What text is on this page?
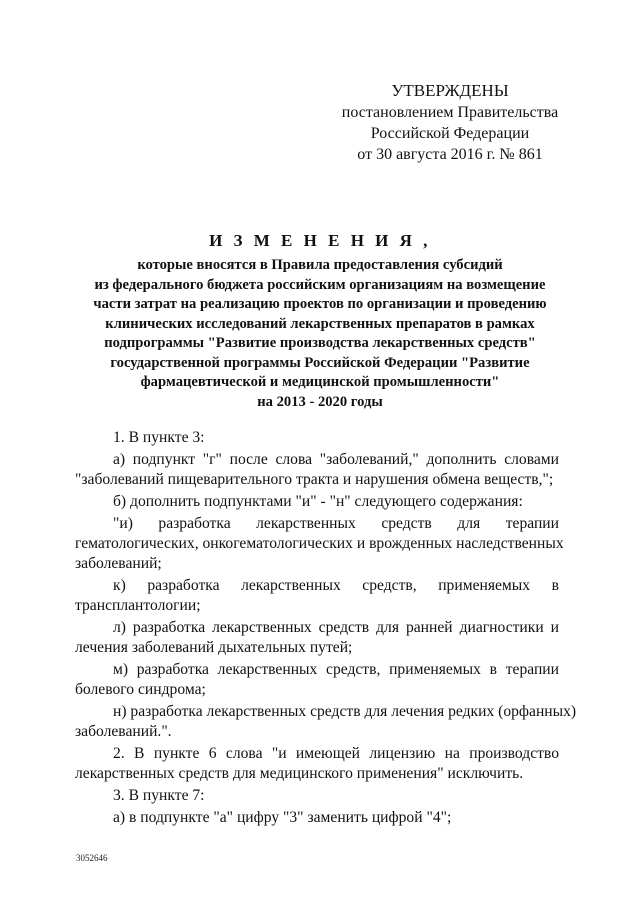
УТВЕРЖДЕНЫ
постановлением Правительства
Российской Федерации
от 30 августа 2016 г. № 861
И З М Е Н Е Н И Я ,
которые вносятся в Правила предоставления субсидий
из федерального бюджета российским организациям на возмещение
части затрат на реализацию проектов по организации и проведению
клинических исследований лекарственных препаратов в рамках
подпрограммы "Развитие производства лекарственных средств"
государственной программы Российской Федерации "Развитие
фармацевтической и медицинской промышленности"
на 2013 - 2020 годы
1. В пункте 3:
а) подпункт "г" после слова "заболеваний," дополнить словами
"заболеваний пищеварительного тракта и нарушения обмена веществ,";
б) дополнить подпунктами "и" - "н" следующего содержания:
"и) разработка лекарственных средств для терапии
гематологических, онкогематологических и врожденных наследственных
заболеваний;
к) разработка лекарственных средств, применяемых в
трансплантологии;
л) разработка лекарственных средств для ранней диагностики и
лечения заболеваний дыхательных путей;
м) разработка лекарственных средств, применяемых в терапии
болевого синдрома;
н) разработка лекарственных средств для лечения редких (орфанных)
заболеваний.".
2. В пункте 6 слова "и имеющей лицензию на производство
лекарственных средств для медицинского применения" исключить.
3. В пункте 7:
а) в подпункте "а" цифру "3" заменить цифрой "4";
3052646
